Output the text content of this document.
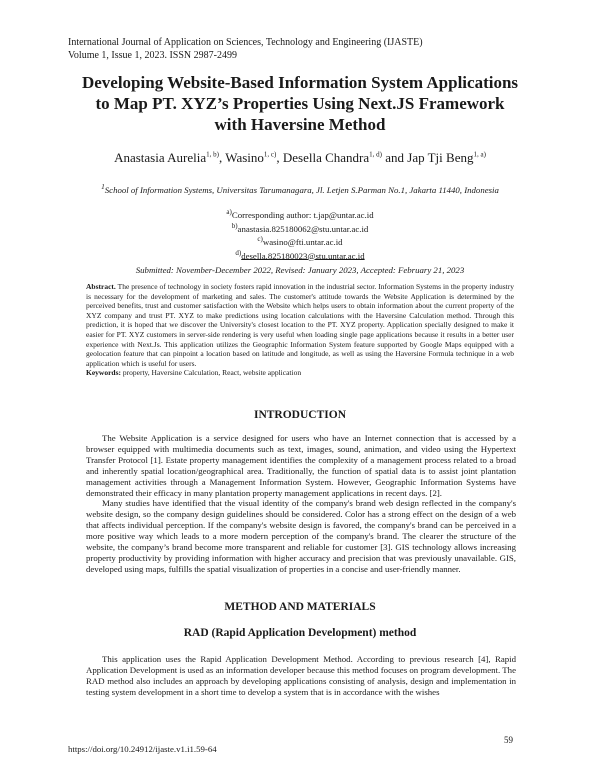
International Journal of Application on Sciences, Technology and Engineering (IJASTE)
Volume 1, Issue 1, 2023. ISSN 2987-2499
Developing Website-Based Information System Applications
to Map PT. XYZ’s Properties Using Next.JS Framework
with Haversine Method
Anastasia Aurelia$^{1, b)}$, Wasino$^{1, c)}$, Desella Chandra$^{1, d)}$ and Jap Tji Beng$^{1, a)}$
$^1$School of Information Systems, Universitas Tarumanagara, Jl. Letjen S.Parman No.1, Jakarta 11440, Indonesia
$^{a)}$Corresponding author: t.jap@untar.ac.id
$^{b)}$anastasia.825180062@stu.untar.ac.id
$^{c)}$wasino@fti.untar.ac.id
$^{d)}$desella.825180023@stu.untar.ac.id
Submitted: November-December 2022, Revised: January 2023, Accepted: February 21, 2023
Abstract. The presence of technology in society fosters rapid innovation in the industrial sector. Information Systems in the property industry is necessary for the development of marketing and sales. The customer's attitude towards the Website Application is determined by the perceived benefits, trust and customer satisfaction with the Website which helps users to obtain information about the current property of the XYZ company and trust PT. XYZ to make predictions using location calculations with the Haversine Calculation method. Through this prediction, it is hoped that we discover the University's closest location to the PT. XYZ property. Application specially designed to make it easier for PT. XYZ customers in server-side rendering is very useful when loading single page applications because it results in a better user experience with Next.Js. This application utilizes the Geographic Information System feature supported by Google Maps equipped with a geolocation feature that can pinpoint a location based on latitude and longitude, as well as using the Haversine Formula technique in a web application which is useful for users.
Keywords: property, Haversine Calculation, React, website application
INTRODUCTION

The Website Application is a service designed for users who have an Internet connection that is accessed by a browser equipped with multimedia documents such as text, images, sound, animation, and video using the Hypertext Transfer Protocol [1]. Estate property management identifies the complexity of a management process related to a broad and inherently spatial location/geographical area. Traditionally, the function of spatial data is to assist joint plantation management activities through a Management Information System. However, Geographic Information Systems have demonstrated their efficacy in many plantation property management applications in recent days. [2].

Many studies have identified that the visual identity of the company's brand web design reflected in the company's website design, so the company design guidelines should be considered. Color has a strong effect on the design of a web that affects individual perception. If the company's website design is favored, the company's brand can be perceived in a more positive way which leads to a more modern perception of the company's brand. The clearer the structure of the website, the company’s brand become more transparent and reliable for customer [3]. GIS technology allows increasing property productivity by providing information with higher accuracy and precision that was previously unavailable. GIS, developed using maps, fulfills the spatial visualization of properties in a concise and user-friendly manner.

METHOD AND MATERIALS
RAD (Rapid Application Development) method

This application uses the Rapid Application Development Method. According to previous research [4], Rapid Application Development is used as an information developer because this method focuses on program development. The RAD method also includes an approach by developing applications consisting of analysis, design and implementation in testing system development in a short time to develop a system that is in accordance with the wishes

59
https://doi.org/10.24912/ijaste.v1.i1.59-64
